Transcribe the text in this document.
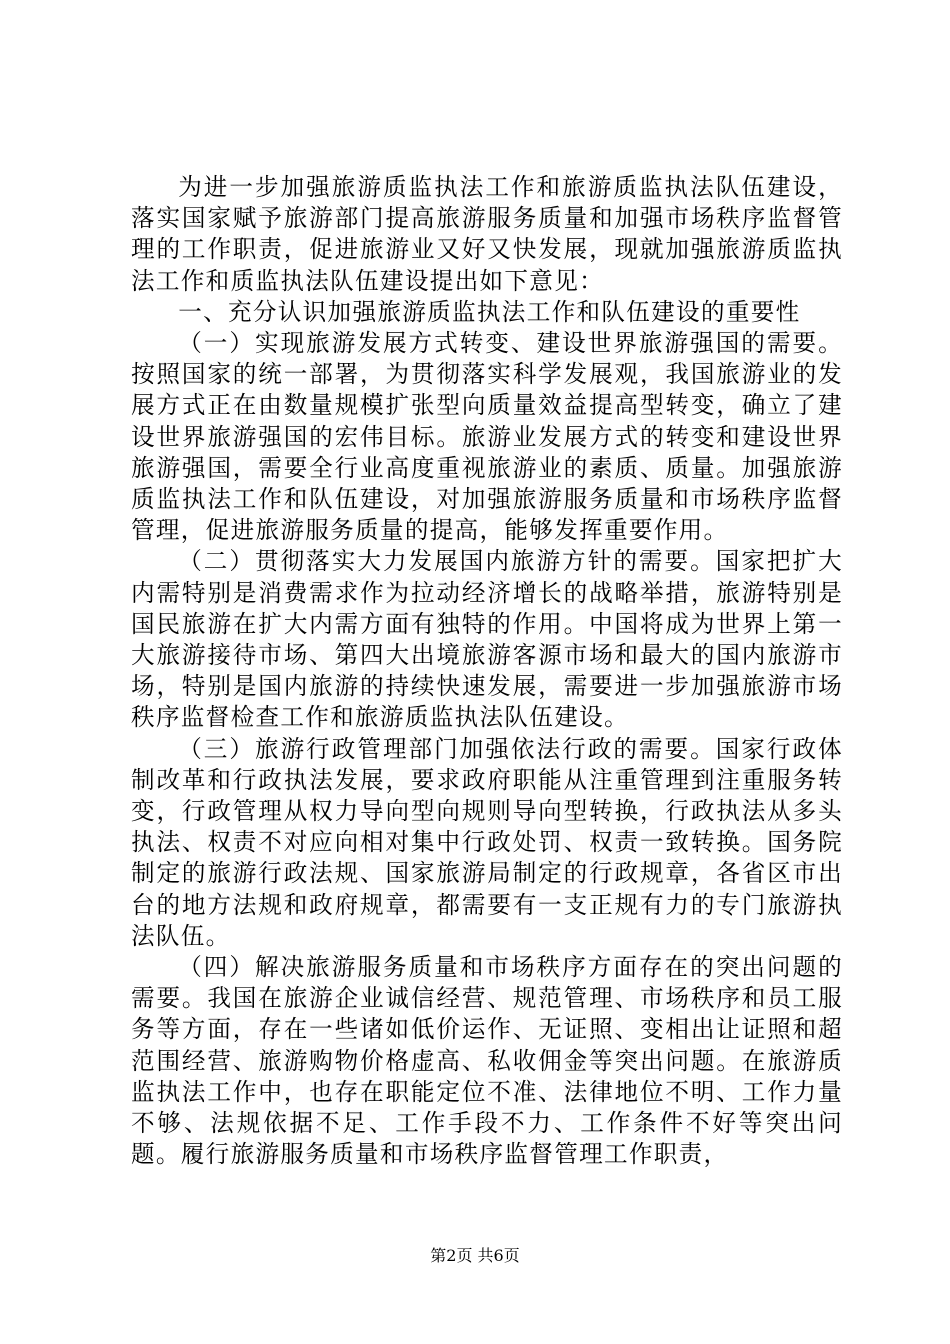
为进一步加强旅游质监执法工作和旅游质监执法队伍建设，落实国家赋予旅游部门提高旅游服务质量和加强市场秩序监督管理的工作职责，促进旅游业又好又快发展，现就加强旅游质监执法工作和质监执法队伍建设提出如下意见：

一、充分认识加强旅游质监执法工作和队伍建设的重要性

（一）实现旅游发展方式转变、建设世界旅游强国的需要。按照国家的统一部署，为贯彻落实科学发展观，我国旅游业的发展方式正在由数量规模扩张型向质量效益提高型转变，确立了建设世界旅游强国的宏伟目标。旅游业发展方式的转变和建设世界旅游强国，需要全行业高度重视旅游业的素质、质量。加强旅游质监执法工作和队伍建设，对加强旅游服务质量和市场秩序监督管理，促进旅游服务质量的提高，能够发挥重要作用。

（二）贯彻落实大力发展国内旅游方针的需要。国家把扩大内需特别是消费需求作为拉动经济增长的战略举措，旅游特别是国民旅游在扩大内需方面有独特的作用。中国将成为世界上第一大旅游接待市场、第四大出境旅游客源市场和最大的国内旅游市场，特别是国内旅游的持续快速发展，需要进一步加强旅游市场秩序监督检查工作和旅游质监执法队伍建设。

（三）旅游行政管理部门加强依法行政的需要。国家行政体制改革和行政执法发展，要求政府职能从注重管理到注重服务转变，行政管理从权力导向型向规则导向型转换，行政执法从多头执法、权责不对应向相对集中行政处罚、权责一致转换。国务院制定的旅游行政法规、国家旅游局制定的行政规章，各省区市出台的地方法规和政府规章，都需要有一支正规有力的专门旅游执法队伍。

（四）解决旅游服务质量和市场秩序方面存在的突出问题的需要。我国在旅游企业诚信经营、规范管理、市场秩序和员工服务等方面，存在一些诸如低价运作、无证照、变相出让证照和超范围经营、旅游购物价格虚高、私收佣金等突出问题。在旅游质监执法工作中，也存在职能定位不准、法律地位不明、工作力量不够、法规依据不足、工作手段不力、工作条件不好等突出问题。履行旅游服务质量和市场秩序监督管理工作职责，

第2页 共6页
